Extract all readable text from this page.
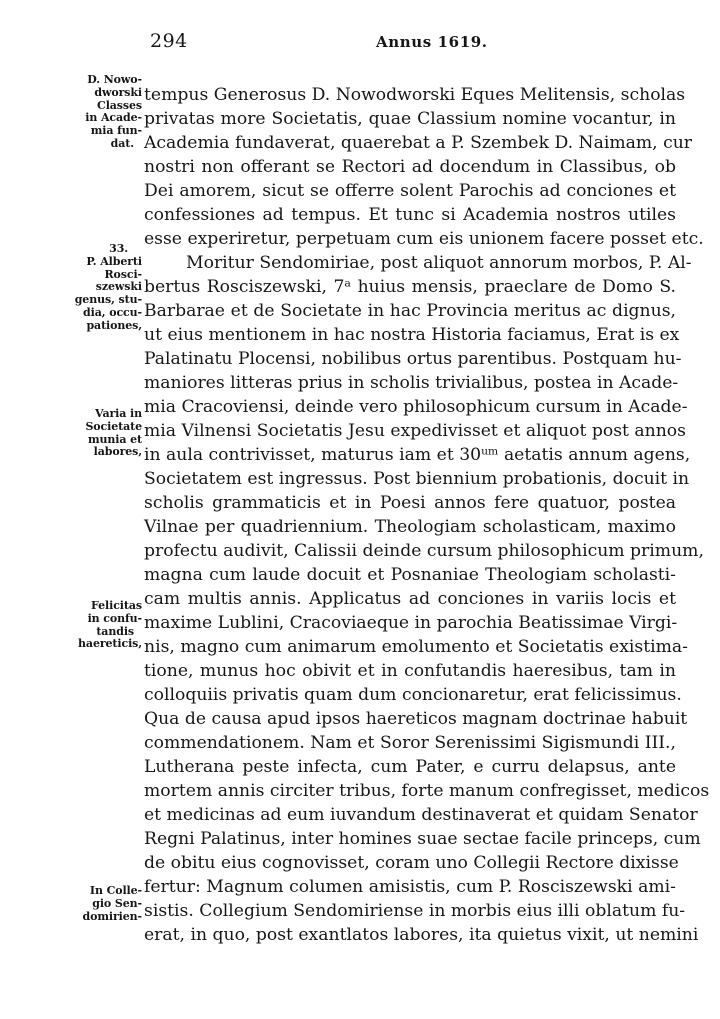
294	Annus 1619.
D. Nowo-
dworski
Classes
in Acade-
mia fun-
dat.
33.
P. Alberti
Rosci-
szewski
genus, stu-
dia, occu-
pationes,
Varia in
Societate
munia et
labores,
Felicitas
in confu-
tandis
haereticis,
In Colle-
gio Sen-
domirien-
tempus Generosus D. Nowodworski Eques Melitensis, scholas
privatas more Societatis, quae Classium nomine vocantur, in
Academia fundaverat, quaerebat a P. Szembek D. Naimam, cur
nostri non offerant se Rectori ad docendum in Classibus, ob
Dei amorem, sicut se offerre solent Parochis ad conciones et
confessiones ad tempus. Et tunc si Academia nostros utiles
esse experiretur, perpetuam cum eis unionem facere posset etc.
Moritur Sendomiriae, post aliquot annorum morbos, P. Al-
bertus Rosciszewski, 7ᵃ huius mensis, praeclare de Domo S.
Barbarae et de Societate in hac Provincia meritus ac dignus,
ut eius mentionem in hac nostra Historia faciamus, Erat is ex
Palatinatu Plocensi, nobilibus ortus parentibus. Postquam hu-
maniores litteras prius in scholis trivialibus, postea in Acade-
mia Cracoviensi, deinde vero philosophicum cursum in Acade-
mia Vilnensi Societatis Jesu expedivisset et aliquot post annos
in aula contrivisset, maturus iam et 30ᵘᵐ aetatis annum agens,
Societatem est ingressus. Post biennium probationis, docuit in
scholis grammaticis et in Poesi annos fere quatuor, postea
Vilnae per quadriennium. Theologiam scholasticam, maximo
profectu audivit, Calissii deinde cursum philosophicum primum,
magna cum laude docuit et Posnaniae Theologiam scholasti-
cam multis annis. Applicatus ad conciones in variis locis et
maxime Lublini, Cracoviaeque in parochia Beatissimae Virgi-
nis, magno cum animarum emolumento et Societatis existima-
tione, munus hoc obivit et in confutandis haeresibus, tam in
colloquiis privatis quam dum concionaretur, erat felicissimus.
Qua de causa apud ipsos haereticos magnam doctrinae habuit
commendationem. Nam et Soror Serenissimi Sigismundi III.,
Lutherana peste infecta, cum Pater, e curru delapsus, ante
mortem annis circiter tribus, forte manum confregisset, medicos
et medicinas ad eum iuvandum destinaverat et quidam Senator
Regni Palatinus, inter homines suae sectae facile princeps, cum
de obitu eius cognovisset, coram uno Collegii Rectore dixisse
fertur: Magnum columen amisistis, cum P. Rosciszewski ami-
sistis. Collegium Sendomiriense in morbis eius illi oblatum fu-
erat, in quo, post exantlatos labores, ita quietus vixit, ut nemini
